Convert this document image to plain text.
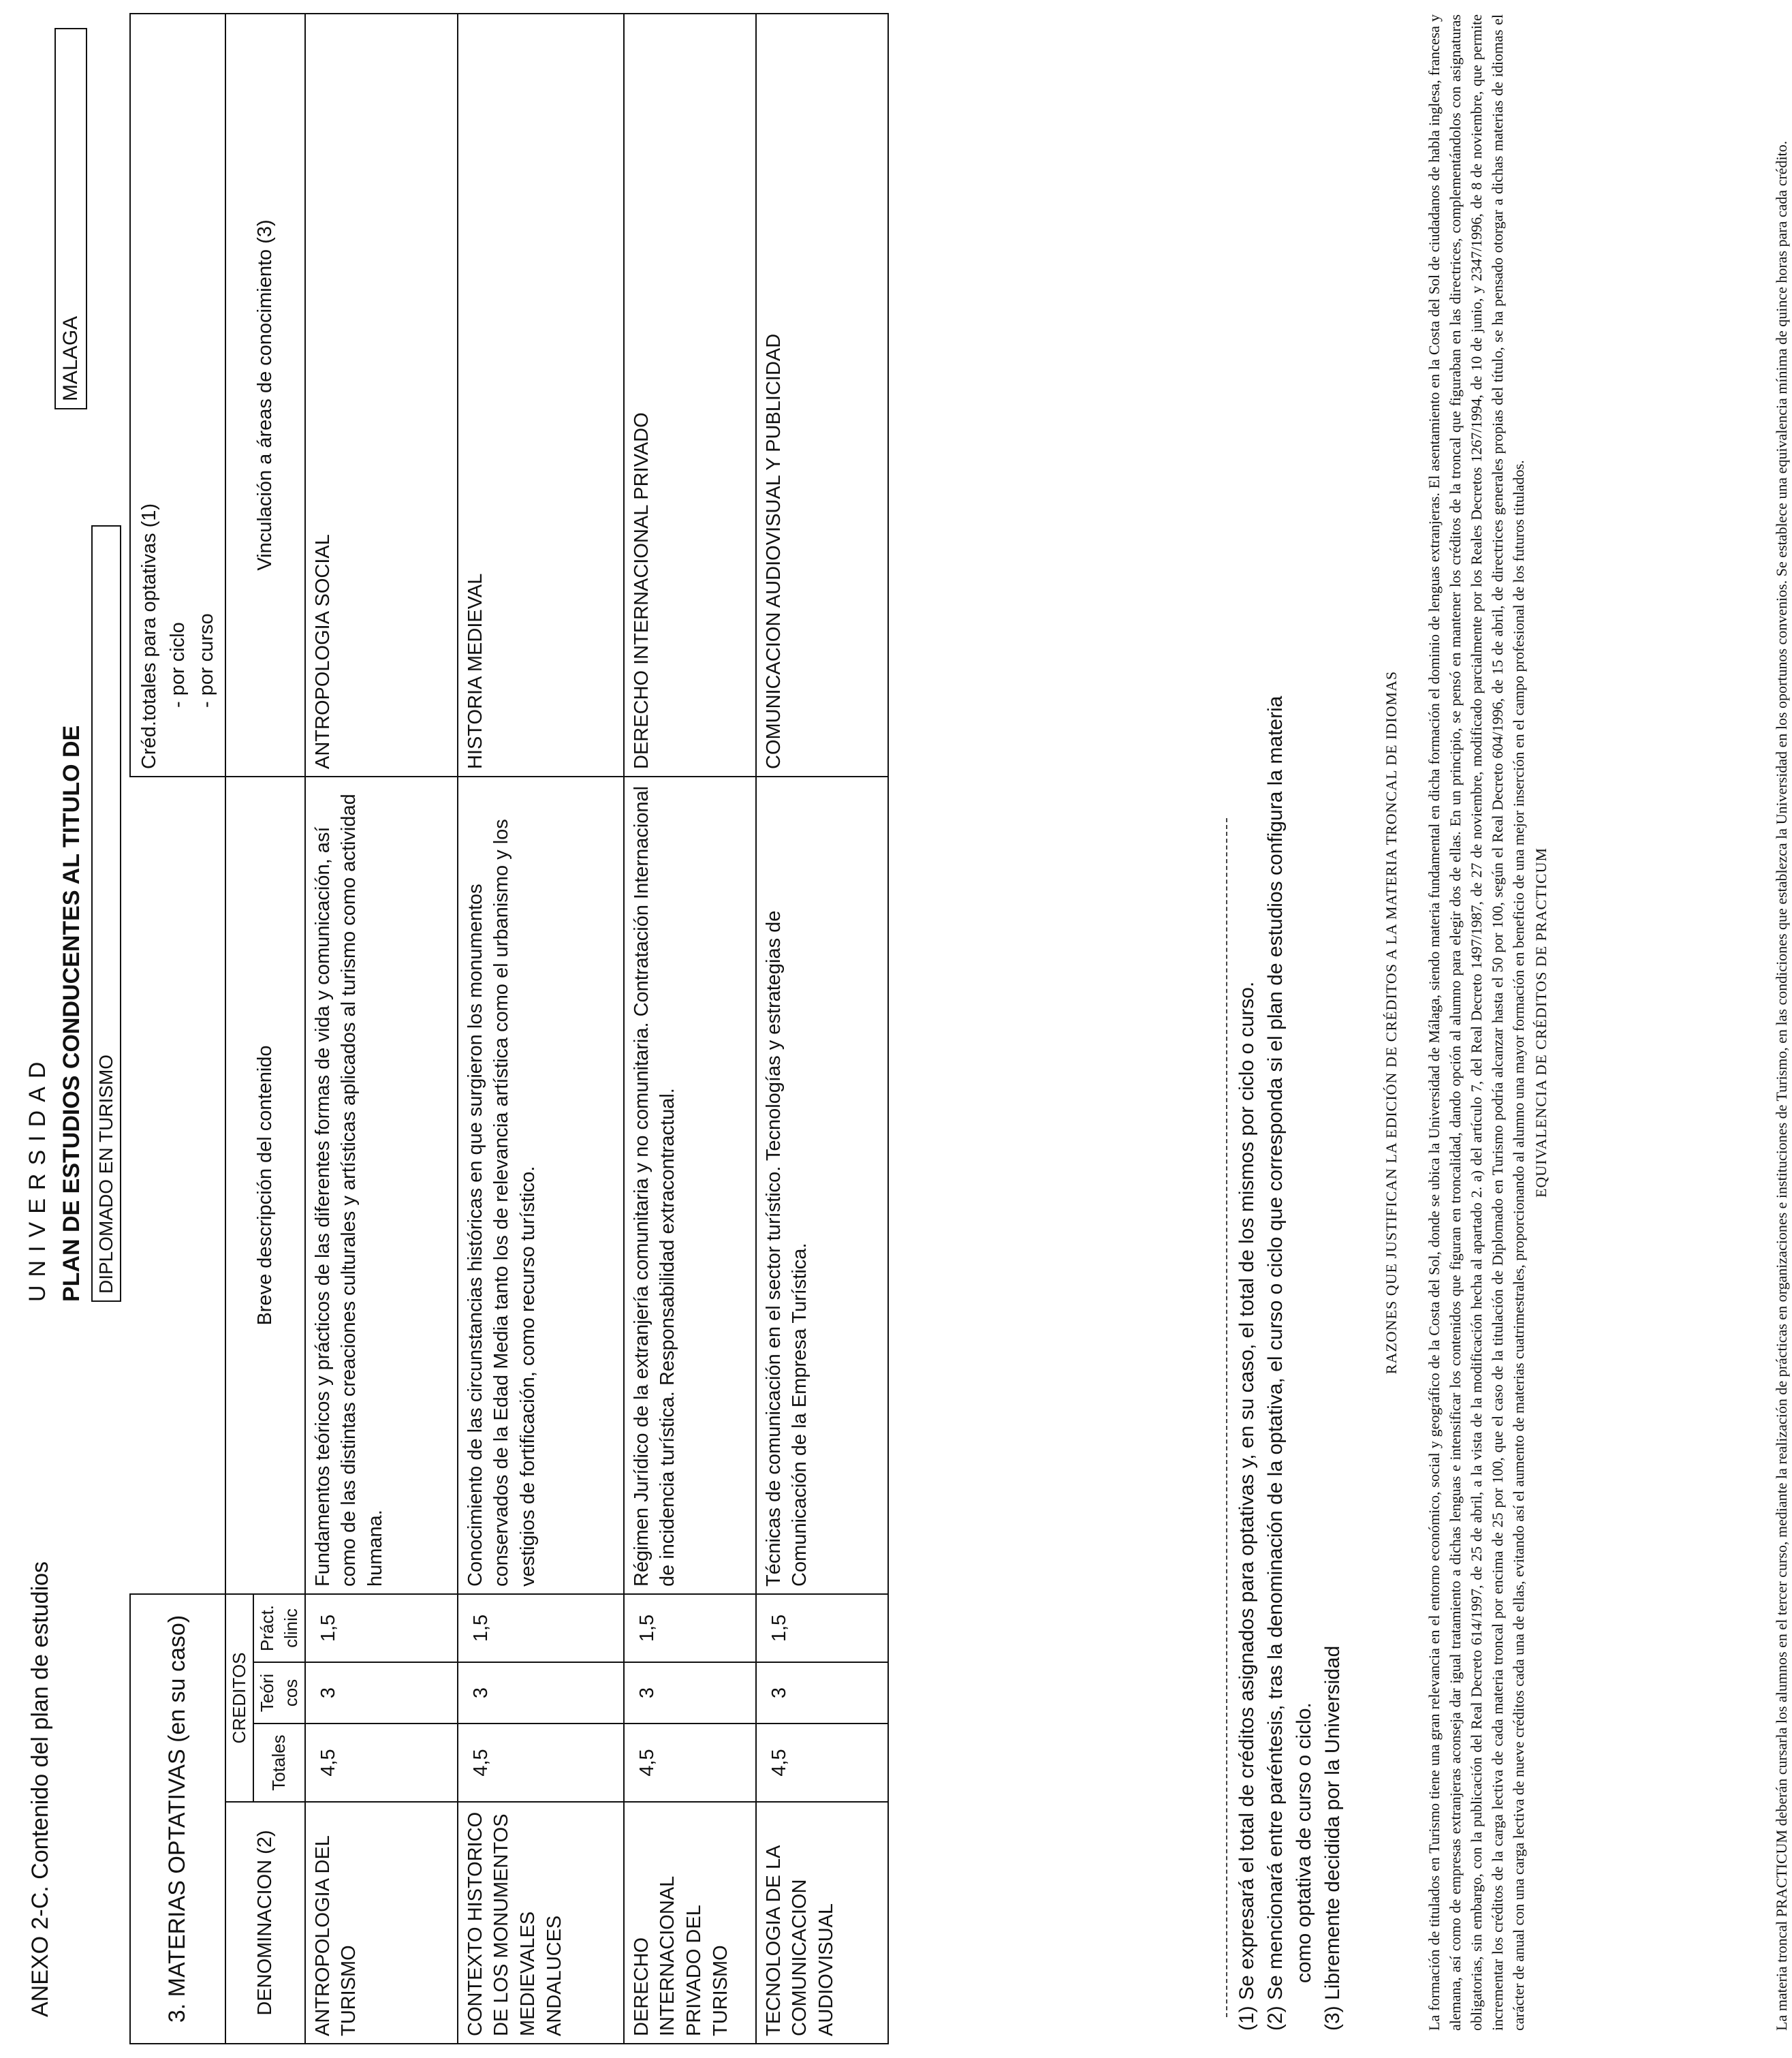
ANEXO 2-C. Contenido del plan de estudios
UNIVERSIDAD PLAN DE ESTUDIOS CONDUCENTES AL TITULO DE
MALAGA
DIPLOMADO EN TURISMO
3. MATERIAS OPTATIVAS (en su caso)					Créd.totales para optativas (1) - por ciclo - por curso

				Breve descripción del contenido	Vinculación a áreas de conocimiento (3)
DENOMINACION (2)	CREDITOS				
	Totales	Teóri cos	Práct. clinic		
ANTROPOLOGIA DEL TURISMO	4,5	3	1,5	Fundamentos teóricos y prácticos de las diferentes formas de vida y comunicación, así como de las distintas creaciones culturales y artísticas aplicados al turismo como actividad humana.	ANTROPOLOGIA SOCIAL
CONTEXTO HISTORICO DE LOS MONUMENTOS MEDIEVALES ANDALUCES	4,5	3	1,5	Conocimiento de las circunstancias históricas en que surgieron los monumentos conservados de la Edad Media tanto los de relevancia artística como el urbanismo y los vestigios de fortificación, como recurso turístico.	HISTORIA MEDIEVAL
DERECHO INTERNACIONAL PRIVADO DEL TURISMO	4,5	3	1,5	Régimen Jurídico de la extranjería comunitaria y no comunitaria. Contratación Internacional de incidencia turística. Responsabilidad extracontractual.	DERECHO INTERNACIONAL PRIVADO
TECNOLOGIA DE LA COMUNICACION AUDIOVISUAL	4,5	3	1,5	Técnicas de comunicación en el sector turístico. Tecnologías y estrategias de Comunicación de la Empresa Turística.	COMUNICACION AUDIOVISUAL Y PUBLICIDAD
(1) Se expresará el total de créditos asignados para optativas y, en su caso, el total de los mismos por ciclo o curso. (2) Se mencionará entre paréntesis, tras la denominación de la optativa, el curso o ciclo que corresponda si el plan de estudios configura la materia como optativa de curso o ciclo. (3) Libremente decidida por la Universidad
RAZONES QUE JUSTIFICAN LA EDICIÓN DE CRÉDITOS A LA MATERIA TRONCAL DE IDIOMAS La formación de titulados en Turismo tiene una gran relevancia en el entorno económico, social y geográfico de la Costa del Sol, donde se ubica la Universidad de Málaga, siendo materia fundamental en dicha formación el dominio de lenguas extranjeras. El asentamiento en la Costa del Sol de ciudadanos de habla inglesa, francesa y alemana, así como de empresas extranjeras aconseja dar igual tratamiento a dichas lenguas e intensificar los contenidos que figuran en troncalidad, dando opción al alumno para elegir dos de ellas. En un principio, se pensó en mantener los créditos de la troncal que figuraban en las directrices, complementándolos con asignaturas obligatorias, sin embargo, con la publicación del Real Decreto 614/1997, de 25 de abril, a la vista de la modificación hecha al apartado 2. a) del artículo 7, del Real Decreto 1497/1987, de 27 de noviembre, modificado parcialmente por los Reales Decretos 1267/1994, de 10 de junio, y 2347/1996, de 8 de noviembre, que permite incrementar los créditos de la carga lectiva de cada materia troncal por encima de 25 por 100, que el caso de la titulación de Diplomado en Turismo podría alcanzar hasta el 50 por 100, según el Real Decreto 604/1996, de 15 de abril, de directrices generales propias del título, se ha pensado otorgar a dichas materias de idiomas el carácter de anual con una carga lectiva de nueve créditos cada una de ellas, evitando así el aumento de materias cuatrimestrales, proporcionando al alumno una mayor formación en beneficio de una mejor inserción en el campo profesional de los futuros titulados. EQUIVALENCIA DE CRÉDITOS DE PRACTICUM	La materia troncal PRACTICUM deberán cursarla los alumnos en el tercer curso, mediante la realización de prácticas en organizaciones e instituciones de Turismo, en las condiciones que establezca la Universidad en los oportunos convenios. Se establece una equivalencia mínima de quince horas para cada crédito.
